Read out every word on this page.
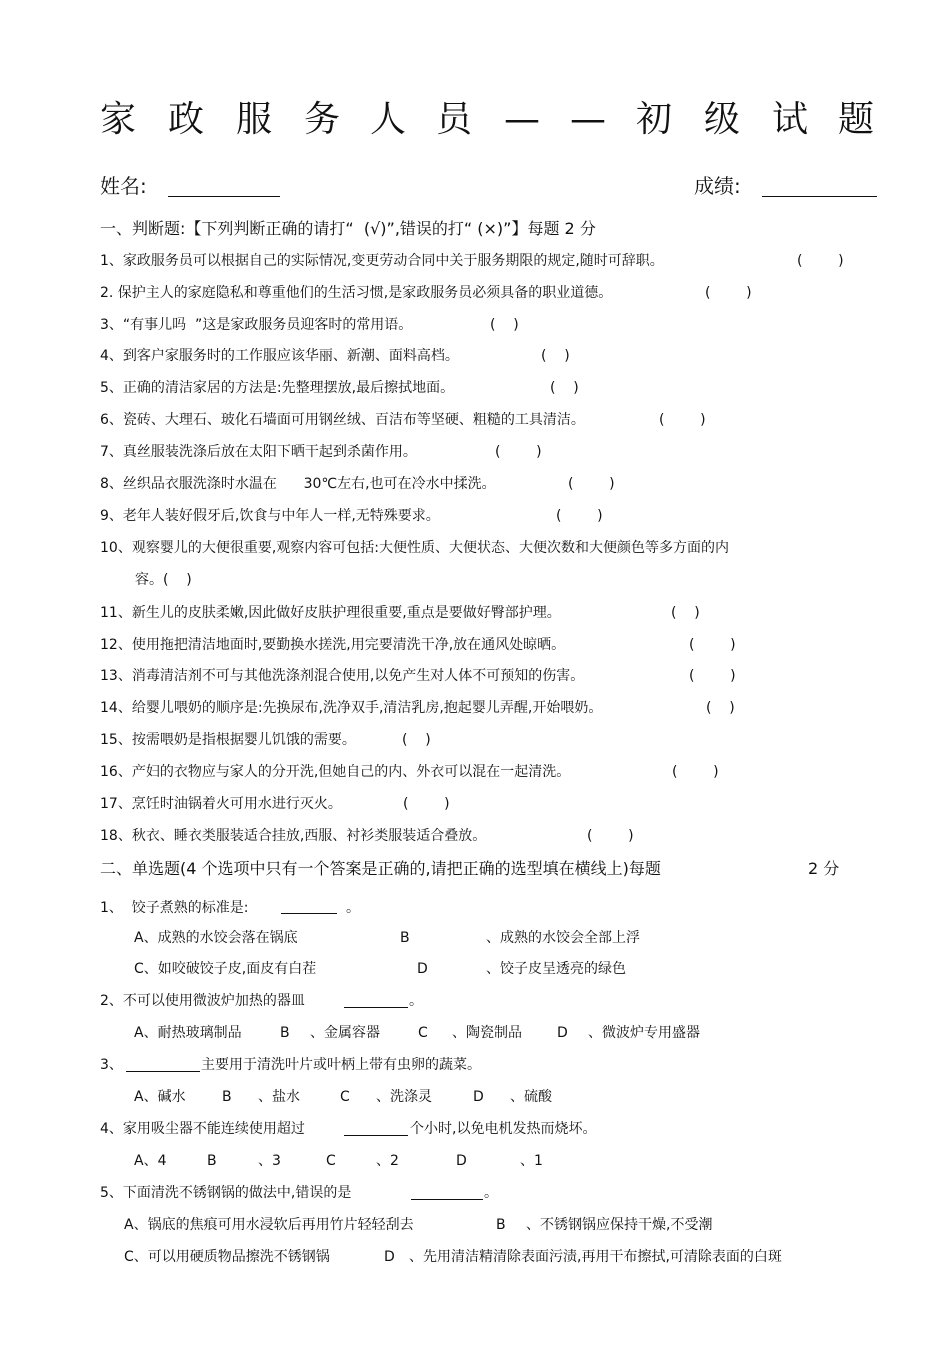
家 政 服 务 人 员 — — 初 级 试 题
姓名:	成绩:
一、判断题:【下列判断正确的请打“  (√)”,错误的打“ (×)”】每题 2 分
1、家政服务员可以根据自己的实际情况,变更劳动合同中关于服务期限的规定,随时可辞职。	(        )
2. 保护主人的家庭隐私和尊重他们的生活习惯,是家政服务员必须具备的职业道德。	(        )
3、“有事儿吗  ”这是家政服务员迎客时的常用语。	(    )
4、到客户家服务时的工作服应该华丽、新潮、面料高档。	(    )
5、正确的清洁家居的方法是:先整理摆放,最后擦拭地面。	(    )
6、瓷砖、大理石、玻化石墙面可用钢丝绒、百洁布等坚硬、粗糙的工具清洁。	(        )
7、真丝服装洗涤后放在太阳下晒干起到杀菌作用。	(        )
8、丝织品衣服洗涤时水温在      30℃左右,也可在冷水中揉洗。	(        )
9、老年人装好假牙后,饮食与中年人一样,无特殊要求。	(        )
10、观察婴儿的大便很重要,观察内容可包括:大便性质、大便状态、大便次数和大便颜色等多方面的内
容。(    )
11、新生儿的皮肤柔嫩,因此做好皮肤护理很重要,重点是要做好臀部护理。	(    )
12、使用拖把清洁地面时,要勤换水搓洗,用完要清洗干净,放在通风处晾晒。	(        )
13、消毒清洁剂不可与其他洗涤剂混合使用,以免产生对人体不可预知的伤害。	(        )
14、给婴儿喂奶的顺序是:先换尿布,洗净双手,清洁乳房,抱起婴儿弄醒,开始喂奶。	(    )
15、按需喂奶是指根据婴儿饥饿的需要。	(    )
16、产妇的衣物应与家人的分开洗,但她自己的内、外衣可以混在一起清洗。	(        )
17、烹饪时油锅着火可用水进行灭火。	(        )
18、秋衣、睡衣类服装适合挂放,西服、衬衫类服装适合叠放。	(        )
二、单选题(4 个选项中只有一个答案是正确的,请把正确的选型填在横线上)每题	2 分
1、  饺子煮熟的标准是:	。
A、成熟的水饺会落在锅底	B	、成熟的水饺会全部上浮
C、如咬破饺子皮,面皮有白茬	D	、饺子皮呈透亮的绿色
2、不可以使用微波炉加热的器皿	。
A、耐热玻璃制品	B 、金属容器	C 、陶瓷制品	D 、微波炉专用盛器
3、	主要用于清洗叶片或叶柄上带有虫卵的蔬菜。
A、碱水	B 、盐水	C 、洗涤灵	D 、硫酸
4、家用吸尘器不能连续使用超过	个小时,以免电机发热而烧坏。
A、4	B	、3	C	、2	D	、1
5、下面清洗不锈钢锅的做法中,错误的是	。
A、锅底的焦痕可用水浸软后再用竹片轻轻刮去	B 、不锈钢锅应保持干燥,不受潮
C、可以用硬质物品擦洗不锈钢锅	D 、先用清洁精清除表面污渍,再用干布擦拭,可清除表面的白斑
